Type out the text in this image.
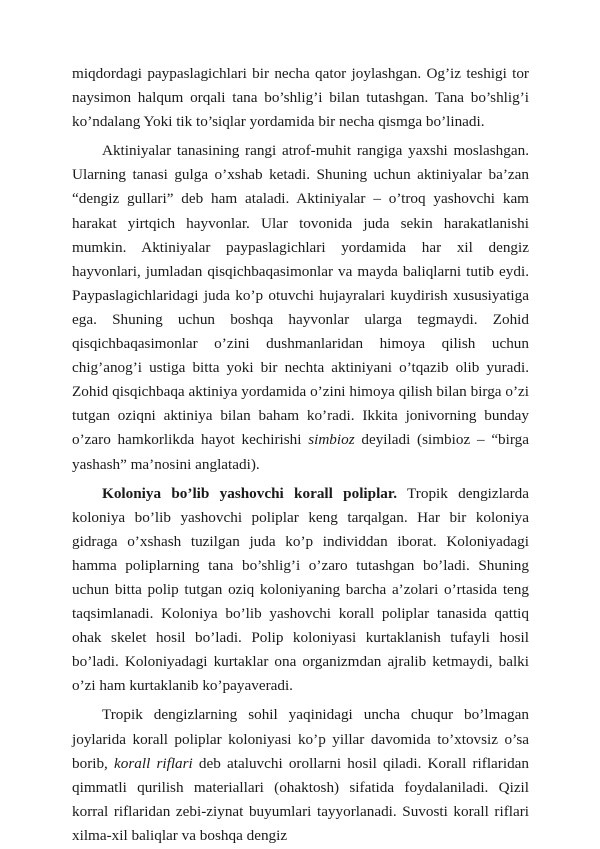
miqdordagi paypaslagichlari bir necha qator joylashgan. Og’iz teshigi tor naysimon halqum orqali tana bo’shlig’i bilan tutashgan. Tana bo’shlig’i ko’ndalang Yoki tik to’siqlar yordamida bir necha qismga bo’linadi.

Aktiniyalar tanasining rangi atrof-muhit rangiga yaxshi moslashgan. Ularning tanasi gulga o’xshab ketadi. Shuning uchun aktiniyalar ba’zan “dengiz gullari” deb ham ataladi. Aktiniyalar – o’troq yashovchi kam harakat yirtqich hayvonlar. Ular tovonida juda sekin harakatlanishi mumkin. Aktiniyalar paypaslagichlari yordamida har xil dengiz hayvonlari, jumladan qisqichbaqasimonlar va mayda baliqlarni tutib eydi. Paypaslagichlaridagi juda ko’p otuvchi hujayralari kuydirish xususiyatiga ega. Shuning uchun boshqa hayvonlar ularga tegmaydi. Zohid qisqichbaqasimonlar o’zini dushmanlaridan himoya qilish uchun chig’anog’i ustiga bitta yoki bir nechta aktiniyani o’tqazib olib yuradi. Zohid qisqichbaqa aktiniya yordamida o’zini himoya qilish bilan birga o’zi tutgan oziqni aktiniya bilan baham ko’radi. Ikkita jonivorning bunday o’zaro hamkorlikda hayot kechirishi simbioz deyiladi (simbioz – “birga yashash” ma’nosini anglatadi).

Koloniya bo’lib yashovchi korall poliplar. Tropik dengizlarda koloniya bo’lib yashovchi poliplar keng tarqalgan. Har bir koloniya gidraga o’xshash tuzilgan juda ko’p individdan iborat. Koloniyadagi hamma poliplarning tana bo’shlig’i o’zaro tutashgan bo’ladi. Shuning uchun bitta polip tutgan oziq koloniyaning barcha a’zolari o’rtasida teng taqsimlanadi. Koloniya bo’lib yashovchi korall poliplar tanasida qattiq ohak skelet hosil bo’ladi. Polip koloniyasi kurtaklanish tufayli hosil bo’ladi. Koloniyadagi kurtaklar ona organizmdan ajralib ketmaydi, balki o’zi ham kurtaklanib ko’payaveradi.

Tropik dengizlarning sohil yaqinidagi uncha chuqur bo’lmagan joylarida korall poliplar koloniyasi ko’p yillar davomida to’xtovsiz o’sa borib, korall riflari deb ataluvchi orollarni hosil qiladi. Korall riflaridan qimmatli qurilish materiallari (ohaktosh) sifatida foydalaniladi. Qizil korral riflaridan zebi-ziynat buyumlari tayyorlanadi. Suvosti korall riflari xilma-xil baliqlar va boshqa dengiz
